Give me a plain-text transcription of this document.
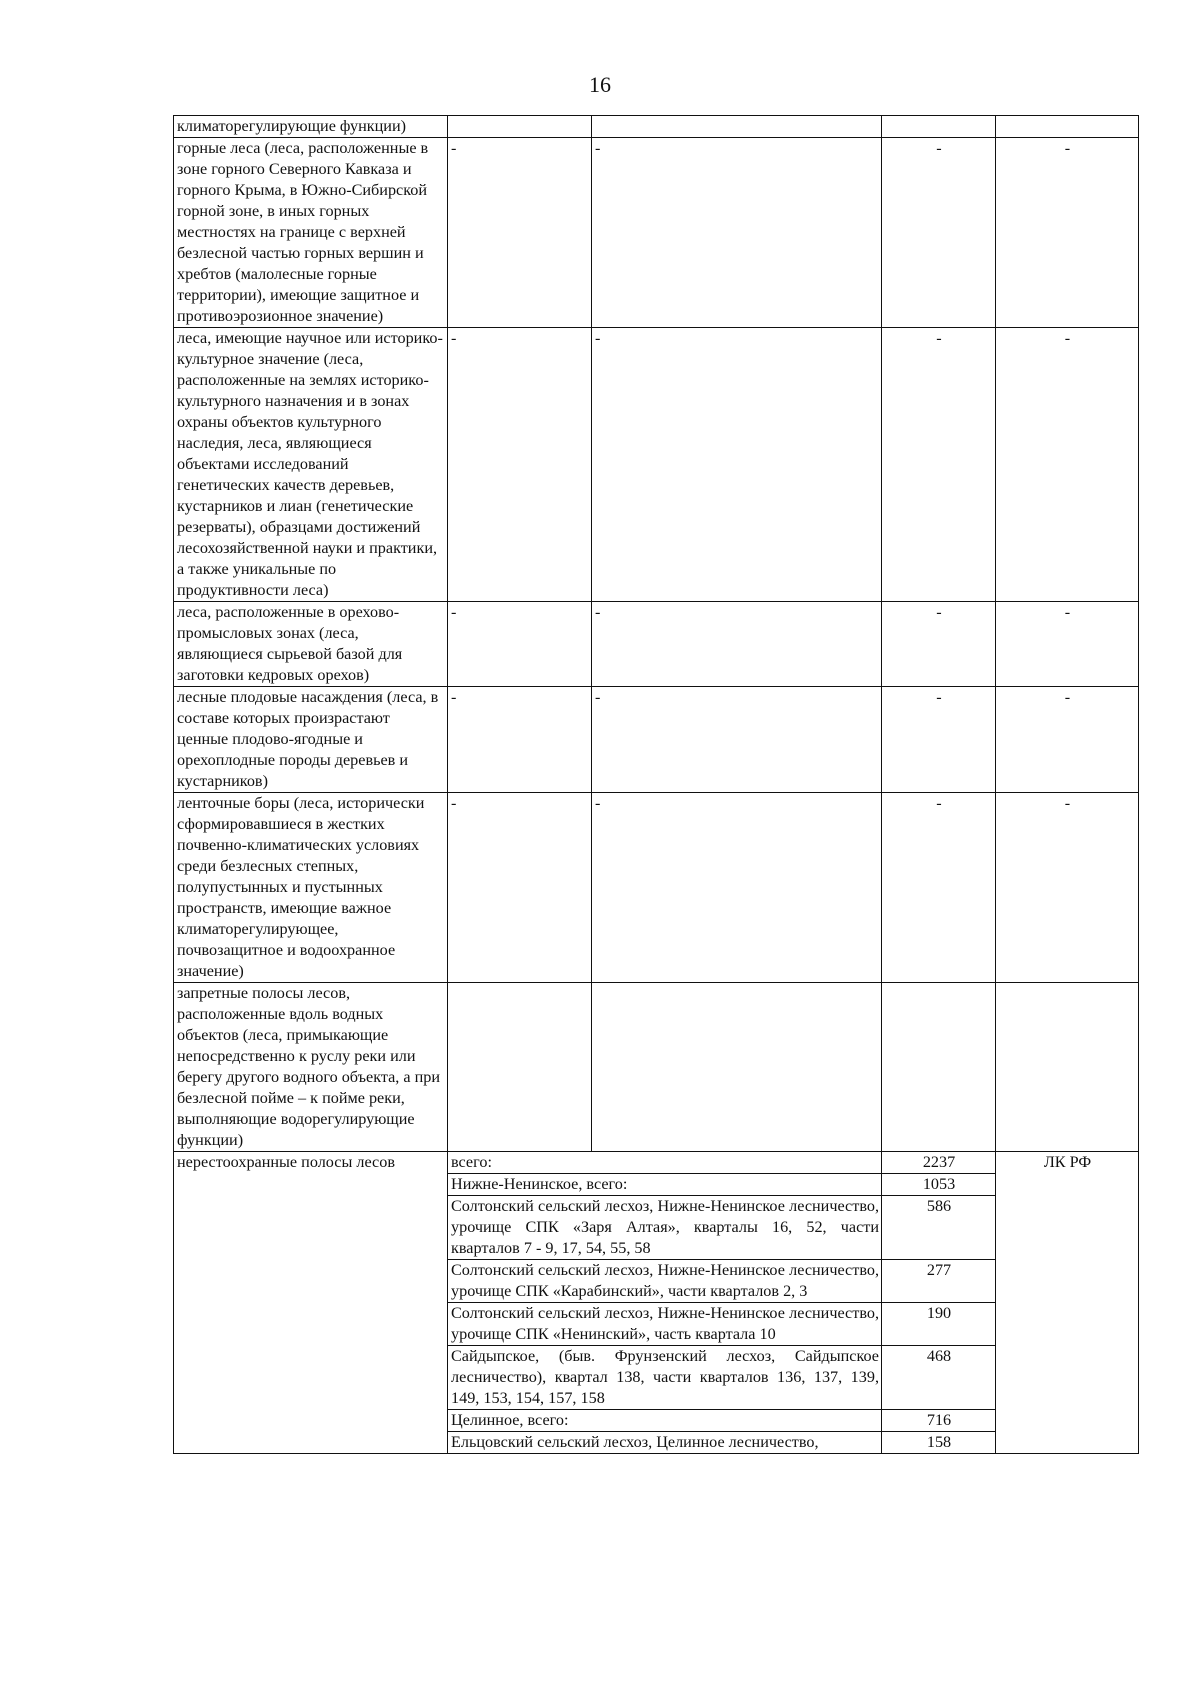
16
климаторегулирующие функции)				
горные леса (леса, расположенные в зоне горного Северного Кавказа и горного Крыма, в Южно-Сибирской горной зоне, в иных горных местностях на границе с верхней безлесной частью горных вершин и хребтов (малолесные горные территории), имеющие защитное и противоэрозионное значение)	-	-	-	-
леса, имеющие научное или историко-культурное значение (леса, расположенные на землях историко-культурного назначения и в зонах охраны объектов культурного наследия, леса, являющиеся объектами исследований генетических качеств деревьев, кустарников и лиан (генетические резерваты), образцами достижений лесохозяйственной науки и практики, а также уникальные по продуктивности леса)	-	-	-	-
леса, расположенные в орехово-промысловых зонах (леса, являющиеся сырьевой базой для заготовки кедровых орехов)	-	-	-	-
лесные плодовые насаждения (леса, в составе которых произрастают ценные плодово-ягодные и орехоплодные породы деревьев и кустарников)	-	-	-	-
ленточные боры (леса, исторически сформировавшиеся в жестких почвенно-климатических условиях среди безлесных степных, полупустынных и пустынных пространств, имеющие важное климаторегулирующее, почвозащитное и водоохранное значение)	-	-	-	-
запретные полосы лесов, расположенные вдоль водных объектов (леса, примыкающие непосредственно к руслу реки или берегу другого водного объекта, а при безлесной пойме – к пойме реки, выполняющие водорегулирующие функции)				
нерестоохранные полосы лесов	всего:		2237	ЛК РФ
	Нижне-Ненинское, всего:		1053	
	Солтонский сельский лесхоз, Нижне-Ненинское лесничество, урочище СПК «Заря Алтая», кварталы 16, 52, части кварталов 7 - 9, 17, 54, 55, 58		586	
	Солтонский сельский лесхоз, Нижне-Ненинское лесничество, урочище СПК «Карабинский», части кварталов 2, 3		277	
	Солтонский сельский лесхоз, Нижне-Ненинское лесничество, урочище СПК «Ненинский», часть квартала 10		190	
	Сайдыпское, (быв. Фрунзенский лесхоз, Сайдыпское лесничество), квартал 138, части кварталов 136, 137, 139, 149, 153, 154, 157, 158		468	
	Целинное, всего:		716	
	Ельцовский сельский лесхоз, Целинное лесничество,		158	
